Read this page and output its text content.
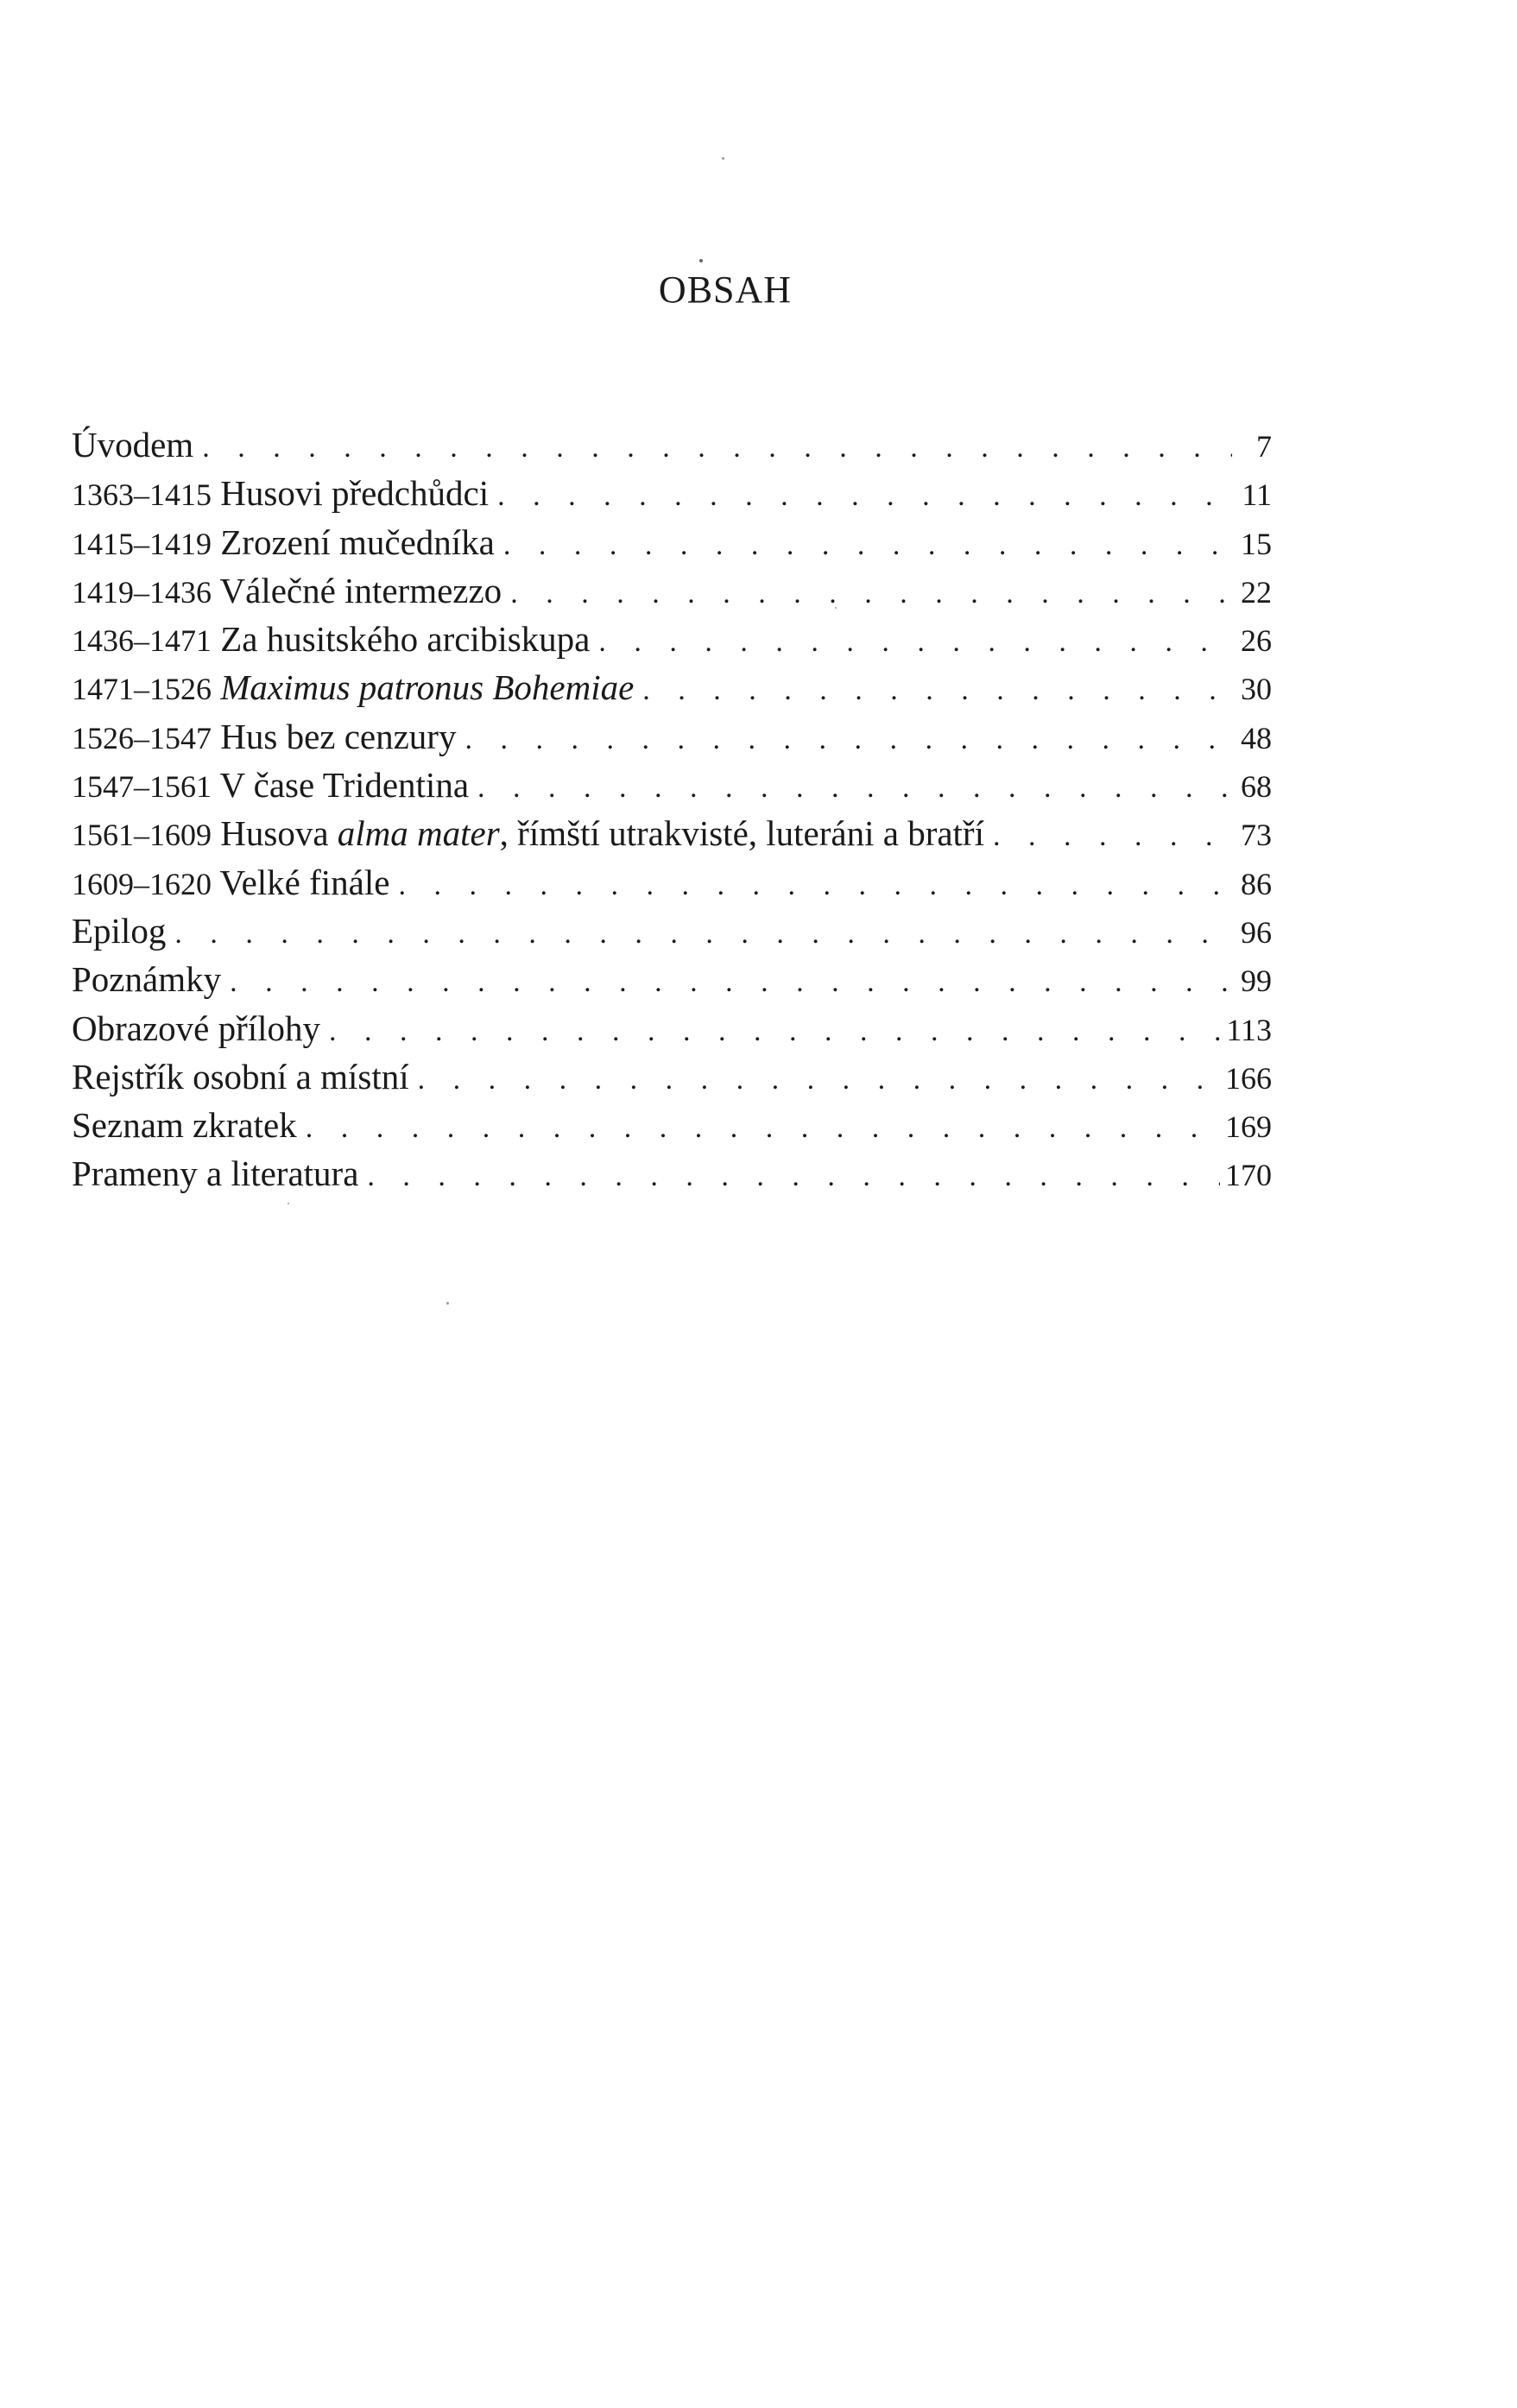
OBSAH
Úvodem . . .	7
1363–1415 Husovi předchůdci . . .	11
1415–1419 Zrození mučedníka . . .	15
1419–1436 Válečné intermezzo . . .	22
1436–1471 Za husitského arcibiskupa . . .	26
1471–1526 Maximus patronus Bohemiae . . .	30
1526–1547 Hus bez cenzury . . .	48
1547–1561 V čase Tridentina . . .	68
1561–1609 Husova alma mater, římští utrakvisté, luteráni a bratří . . .	73
1609–1620 Velké finále . . .	86
Epilog . . .	96
Poznámky . . .	99
Obrazové přílohy . . .	113
Rejstřík osobní a místní . . .	166
Seznam zkratek . . .	169
Prameny a literatura . . .	170
